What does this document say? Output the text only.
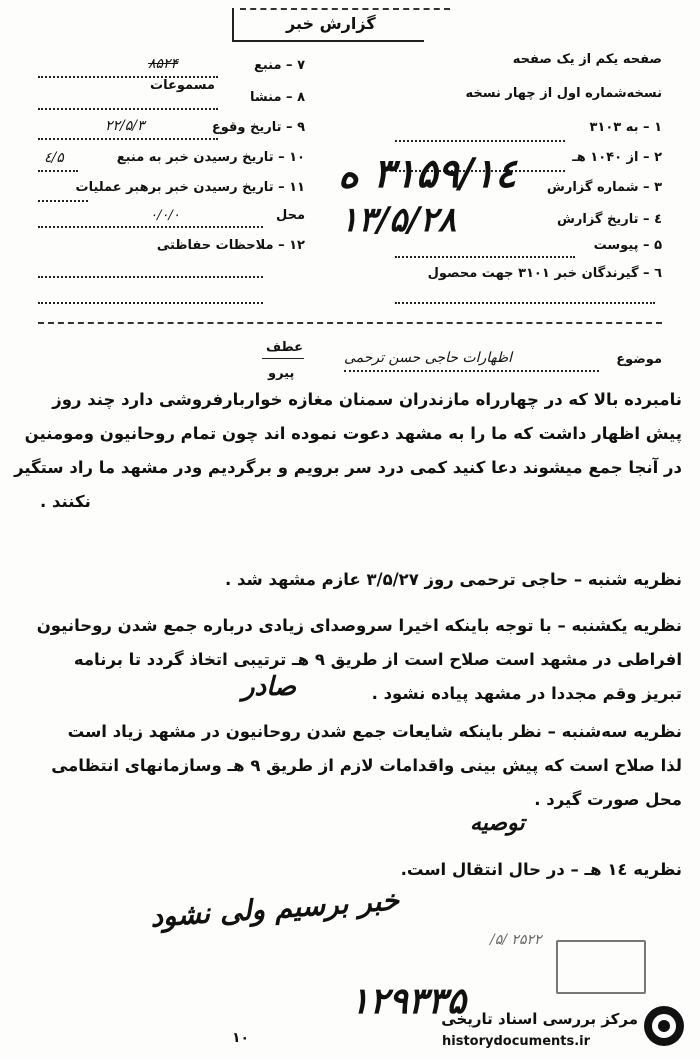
گزارش خبر
صفحه یکم از یک صفحه
نسخه‌شماره اول از چهار نسخه
۱ – به ۳۱۰۳
۲ – از ۱۰۴۰ هـ
۳ – شماره گزارش
٤ – تاریخ گزارش
۵ – پیوست
٦ – گیرندگان خبر ۳۱۰۱ جهت محصول
۱٤/۳۱۵۹ ه
۱۳/۵/۲۸
۷ – منبع
۸۵۲۴
۸ – منشا
مسموعات
۹ – تاریخ وقوع
۲۲/۵/۳
۱۰ – تاریخ رسیدن خبر به منبع
۵/٤
۱۱ – تاریخ رسیدن خبر برهبر عملیات
محل
۰/۰/۰
۱۲ – ملاحظات حفاظتی
عطف
پیرو
موضوع
اظهارات حاجی حسن ترحمی
نامبرده بالا که در چهارراه مازندران سمنان مغازه خواربارفروشی دارد چند روز
پیش اظهار داشت که ما را به مشهد دعوت نموده اند چون تمام روحانیون ومومنین
در آنجا جمع میشوند دعا کنید کمی درد سر برویم و برگردیم ودر مشهد ما راد ستگیر
نکنند .
نظریه شنبه – حاجی ترحمی روز ۳/۵/۲۷ عازم مشهد شد .
نظریه یکشنبه – با توجه باینکه اخیرا سروصدای زیادی درباره جمع شدن روحانیون
افراطی در مشهد است صلاح است از طریق ۹ هـ ترتیبی اتخاذ گردد تا برنامه
تبریز وقم مجددا در مشهد پیاده نشود .
نظریه سه‌شنبه – نظر باینکه شایعات جمع شدن روحانیون در مشهد زیاد است
لذا صلاح است که پیش بینی واقدامات لازم از طریق ۹ هـ وسازمانهای انتظامی
محل صورت گیرد .
نظریه ۱٤ هـ – در حال انتقال است.
صادر
توصیه
خبر برسیم ولی نشود
۲۵۲۲ /۵/
۱۲۹۳۳۵
مرکز بررسی اسناد تاریخی
historydocuments.ir
۱۰
